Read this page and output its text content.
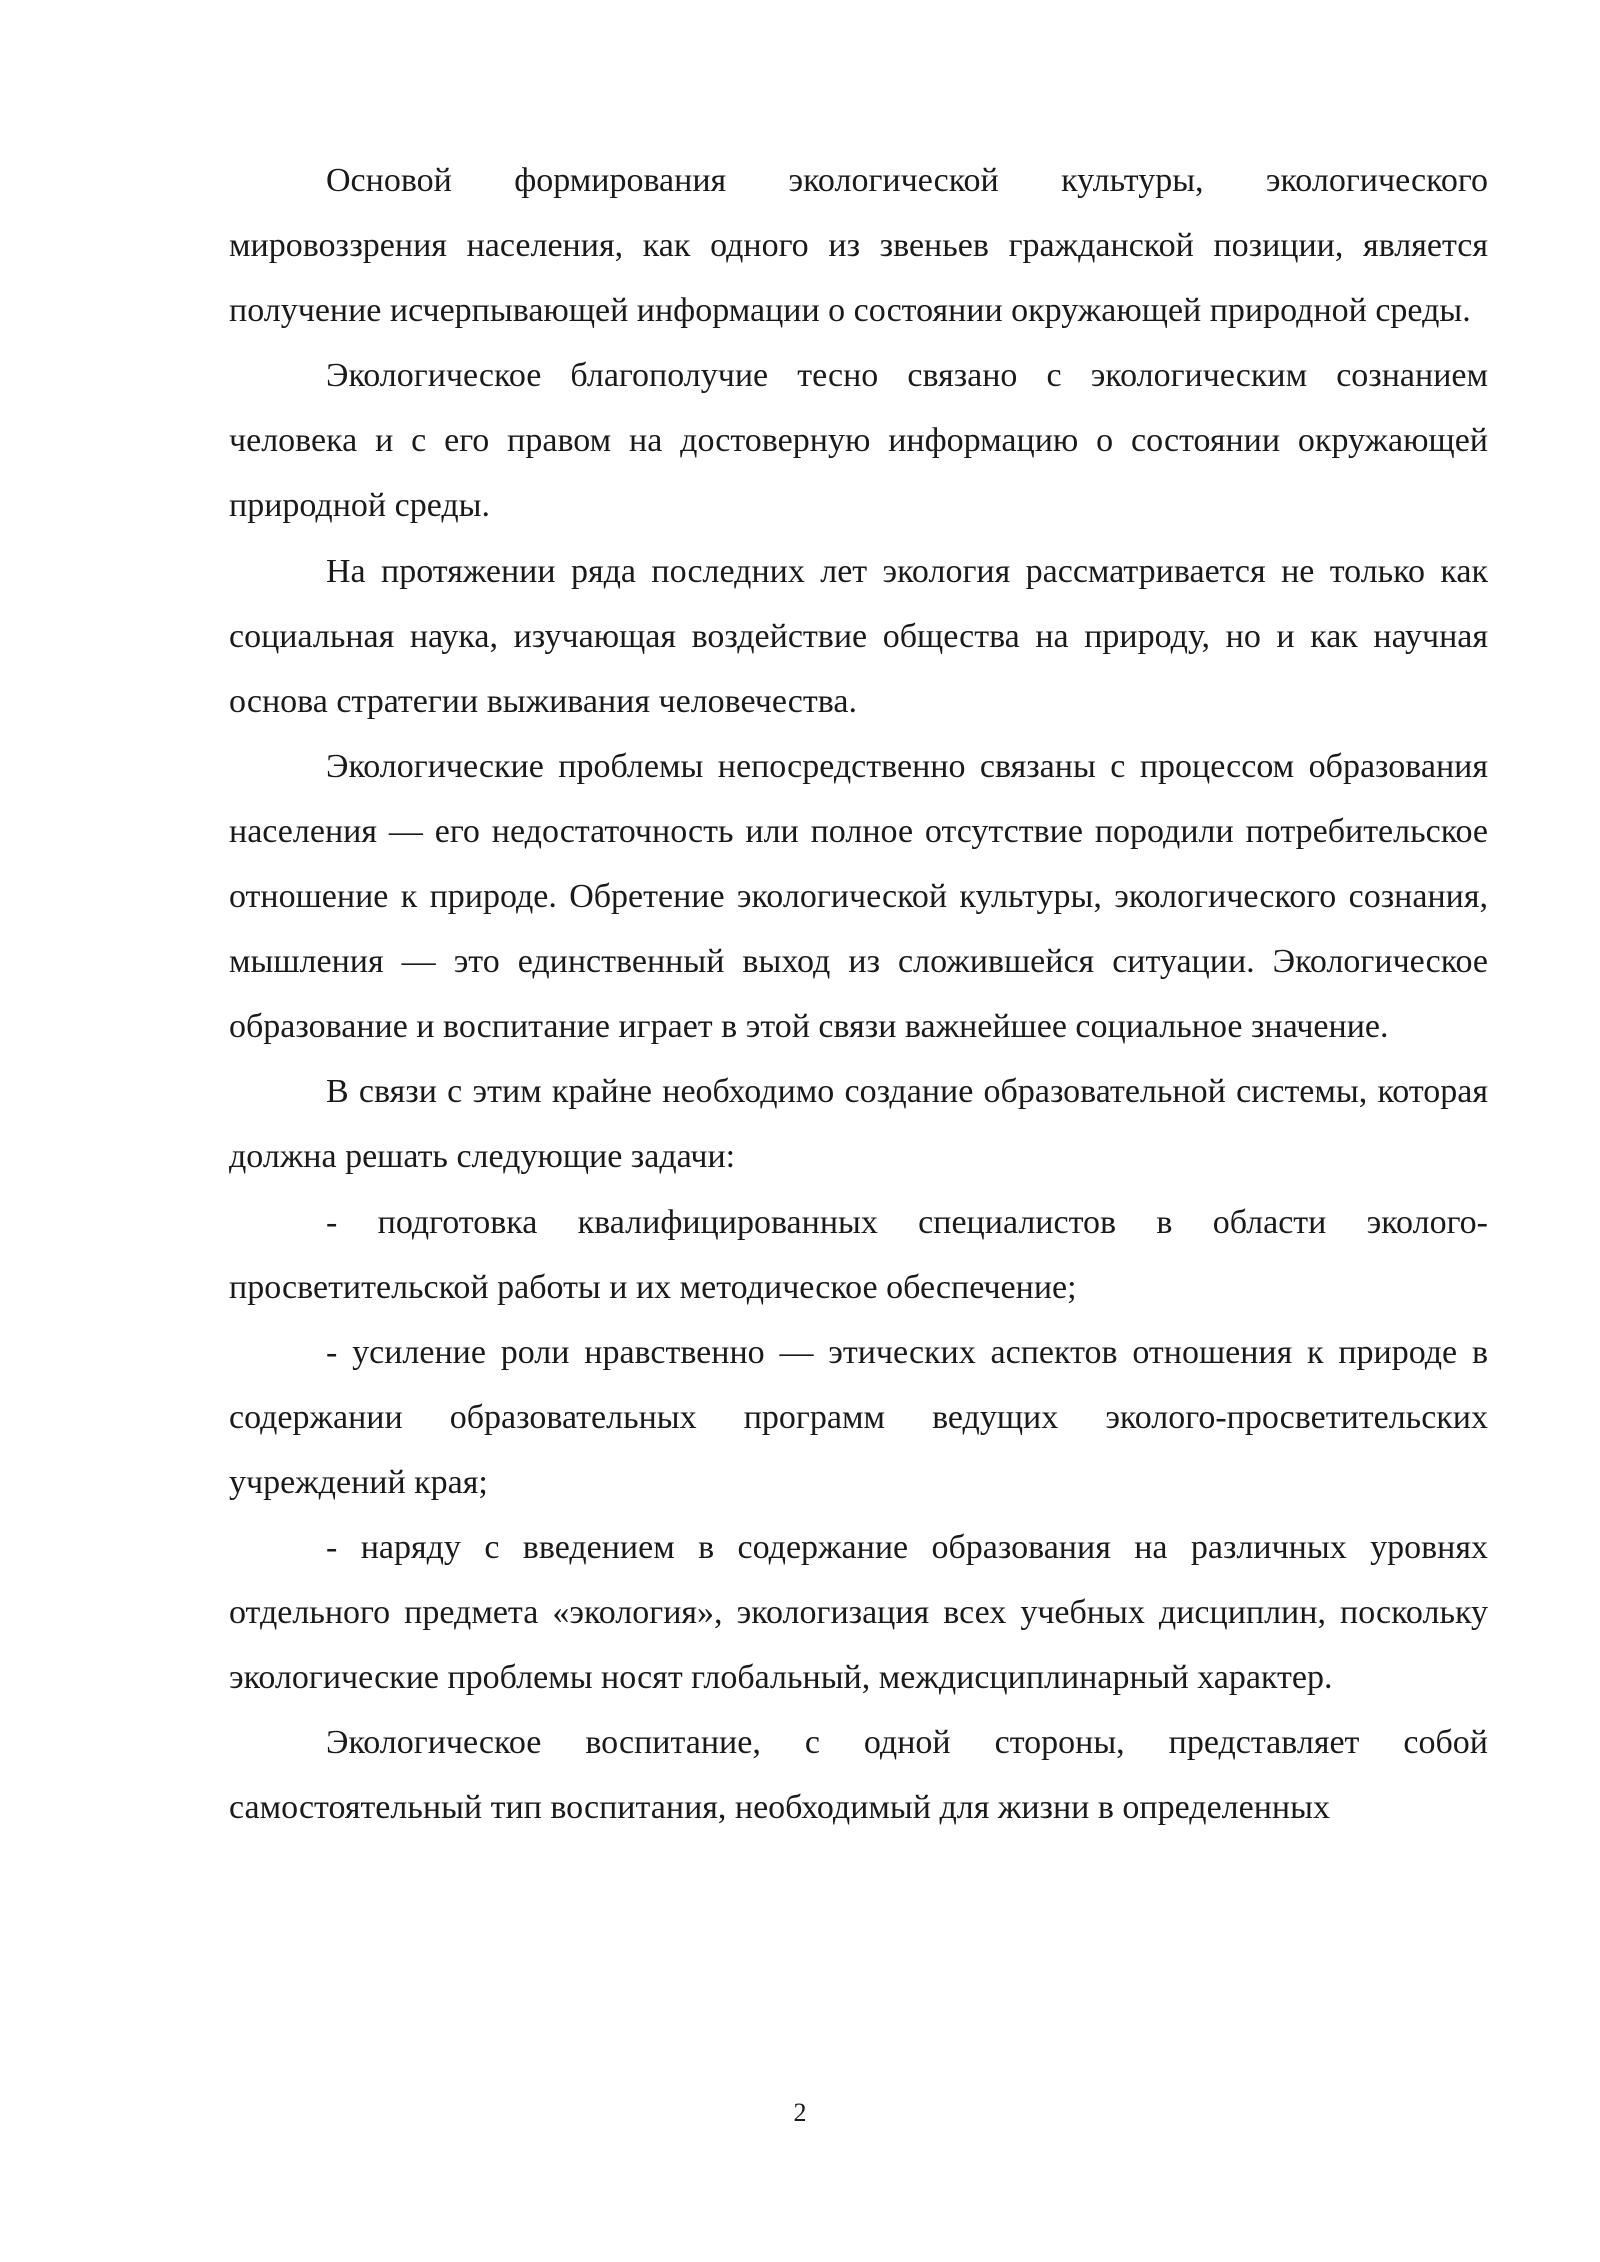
Основой формирования экологической культуры, экологического мировоззрения населения, как одного из звеньев гражданской позиции, является получение исчерпывающей информации о состоянии окружающей природной среды.

Экологическое благополучие тесно связано с экологическим сознанием человека и с его правом на достоверную информацию о состоянии окружающей природной среды.

На протяжении ряда последних лет экология рассматривается не только как социальная наука, изучающая воздействие общества на природу, но и как научная основа стратегии выживания человечества.

Экологические проблемы непосредственно связаны с процессом образования населения — его недостаточность или полное отсутствие породили потребительское отношение к природе. Обретение экологической культуры, экологического сознания, мышления — это единственный выход из сложившейся ситуации. Экологическое образование и воспитание играет в этой связи важнейшее социальное значение.

В связи с этим крайне необходимо создание образовательной системы, которая должна решать следующие задачи:

- подготовка квалифицированных специалистов в области эколого-просветительской работы и их методическое обеспечение;

- усиление роли нравственно — этических аспектов отношения к природе в содержании образовательных программ ведущих эколого-просветительских учреждений края;

- наряду с введением в содержание образования на различных уровнях отдельного предмета «экология», экологизация всех учебных дисциплин, поскольку экологические проблемы носят глобальный, междисциплинарный характер.

Экологическое воспитание, с одной стороны, представляет собой самостоятельный тип воспитания, необходимый для жизни в определенных

2
